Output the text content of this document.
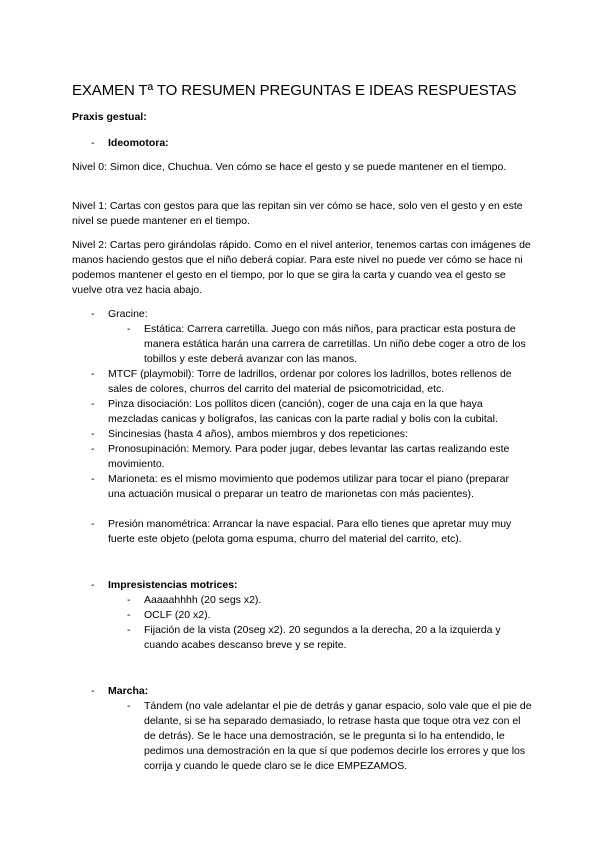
EXAMEN Tª TO RESUMEN PREGUNTAS E IDEAS RESPUESTAS
Praxis gestual:
- Ideomotora:
Nivel 0: Simon dice, Chuchua. Ven cómo se hace el gesto y se puede mantener en el tiempo.
Nivel 1: Cartas con gestos para que las repitan sin ver cómo se hace, solo ven el gesto y en este nivel se puede mantener en el tiempo.
Nivel 2: Cartas pero girándolas rápido. Como en el nivel anterior, tenemos cartas con imágenes de manos haciendo gestos que el niño deberá copiar. Para este nivel no puede ver cómo se hace ni podemos mantener el gesto en el tiempo, por lo que se gira la carta y cuando vea el gesto se vuelve otra vez hacia abajo.
- Gracine:
- Estática: Carrera carretilla. Juego con más niños, para practicar esta postura de manera estática harán una carrera de carretillas. Un niño debe coger a otro de los tobillos y este deberá avanzar con las manos.
- MTCF (playmobil): Torre de ladrillos, ordenar por colores los ladrillos, botes rellenos de sales de colores, churros del carrito del material de psicomotricidad, etc.
- Pinza disociación: Los pollitos dicen (canción), coger de una caja en la que haya mezcladas canicas y bolígrafos, las canicas con la parte radial y bolis con la cubital.
- Sincinesias (hasta 4 años), ambos miembros y dos repeticiones:
- Pronosupinación: Memory. Para poder jugar, debes levantar las cartas realizando este movimiento.
- Marioneta: es el mismo movimiento que podemos utilizar para tocar el piano (preparar una actuación musical o preparar un teatro de marionetas con más pacientes).
- Presión manométrica: Arrancar la nave espacial. Para ello tienes que apretar muy muy fuerte este objeto (pelota goma espuma, churro del material del carrito, etc).
- Impresistencias motrices:
- Aaaaahhhh (20 segs x2).
- OCLF (20 x2).
- Fijación de la vista (20seg x2). 20 segundos a la derecha, 20 a la izquierda y cuando acabes descanso breve y se repite.
- Marcha:
- Tándem (no vale adelantar el pie de detrás y ganar espacio, solo vale que el pie de delante, si se ha separado demasiado, lo retrase hasta que toque otra vez con el de detrás). Se le hace una demostración, se le pregunta si lo ha entendido, le pedimos una demostración en la que sí que podemos decirle los errores y que los corrija y cuando le quede claro se le dice EMPEZAMOS.
